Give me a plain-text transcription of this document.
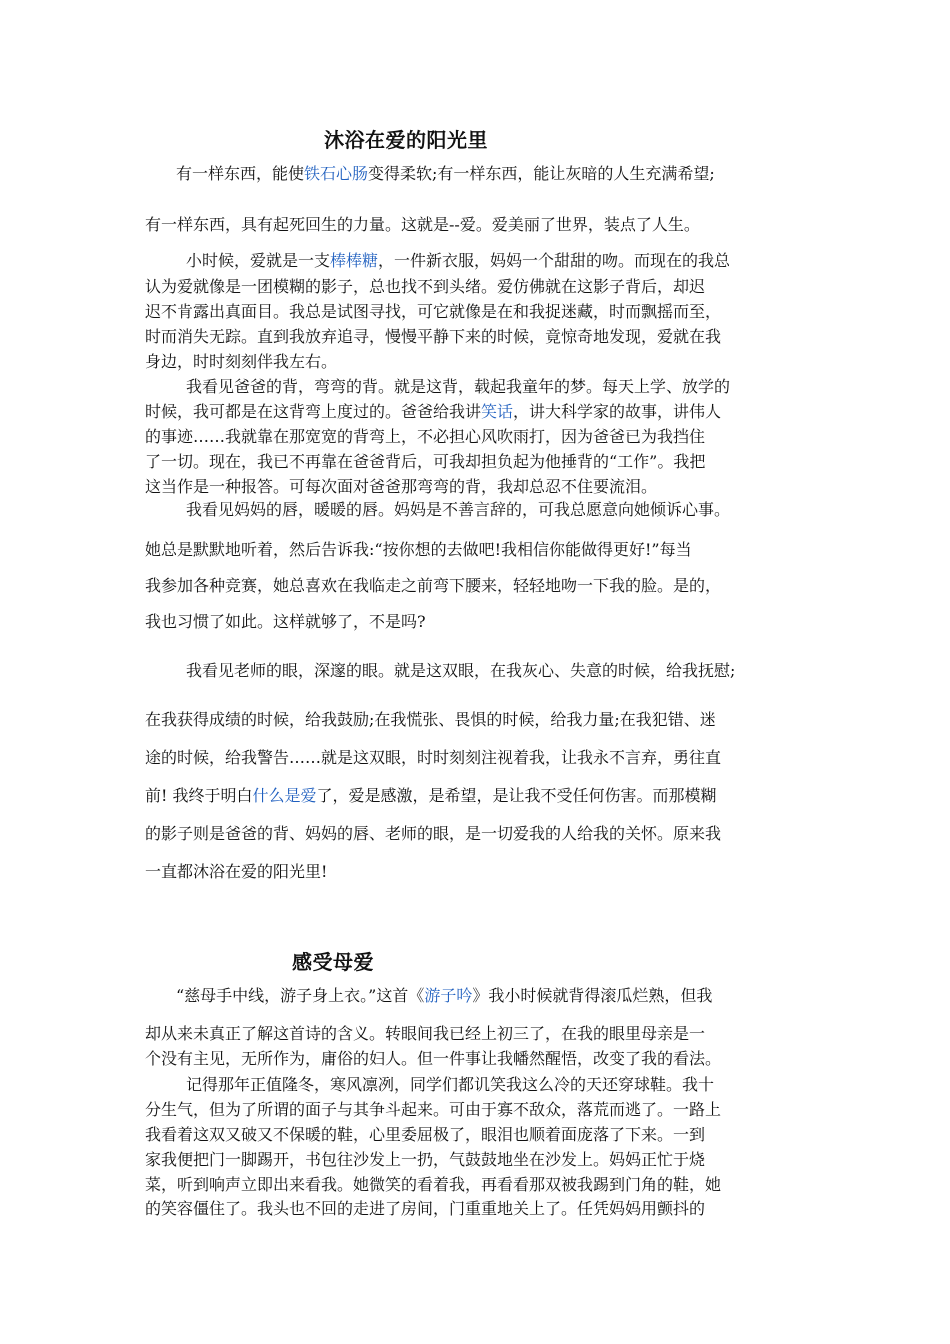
沐浴在爱的阳光里
有一样东西，能使铁石心肠变得柔软;有一样东西，能让灰暗的人生充满希望;
有一样东西，具有起死回生的力量。这就是--爱。爱美丽了世界，装点了人生。
小时候，爱就是一支棒棒糖，一件新衣服，妈妈一个甜甜的吻。而现在的我总
认为爱就像是一团模糊的影子，总也找不到头绪。爱仿佛就在这影子背后，却迟
迟不肯露出真面目。我总是试图寻找，可它就像是在和我捉迷藏，时而飘摇而至，
时而消失无踪。直到我放弃追寻，慢慢平静下来的时候，竟惊奇地发现，爱就在我
身边，时时刻刻伴我左右。
我看见爸爸的背，弯弯的背。就是这背，载起我童年的梦。每天上学、放学的
时候，我可都是在这背弯上度过的。爸爸给我讲笑话，讲大科学家的故事，讲伟人
的事迹……我就靠在那宽宽的背弯上，不必担心风吹雨打，因为爸爸已为我挡住
了一切。现在，我已不再靠在爸爸背后，可我却担负起为他捶背的“工作”。我把
这当作是一种报答。可每次面对爸爸那弯弯的背，我却总忍不住要流泪。
我看见妈妈的唇，暖暖的唇。妈妈是不善言辞的，可我总愿意向她倾诉心事。
她总是默默地听着，然后告诉我:“按你想的去做吧!我相信你能做得更好!”每当
我参加各种竞赛，她总喜欢在我临走之前弯下腰来，轻轻地吻一下我的脸。是的，
我也习惯了如此。这样就够了，不是吗?
我看见老师的眼，深邃的眼。就是这双眼，在我灰心、失意的时候，给我抚慰;
在我获得成绩的时候，给我鼓励;在我慌张、畏惧的时候，给我力量;在我犯错、迷
途的时候，给我警告……就是这双眼，时时刻刻注视着我，让我永不言弃，勇往直
前! 我终于明白什么是爱了，爱是感激，是希望，是让我不受任何伤害。而那模糊
的影子则是爸爸的背、妈妈的唇、老师的眼，是一切爱我的人给我的关怀。原来我
一直都沐浴在爱的阳光里!
感受母爱
“慈母手中线，游子身上衣。”这首《游子吟》我小时候就背得滚瓜烂熟，但我
却从来未真正了解这首诗的含义。转眼间我已经上初三了，在我的眼里母亲是一
个没有主见，无所作为，庸俗的妇人。但一件事让我幡然醒悟，改变了我的看法。
记得那年正值隆冬，寒风凛冽，同学们都讥笑我这么冷的天还穿球鞋。我十
分生气，但为了所谓的面子与其争斗起来。可由于寡不敌众，落荒而逃了。一路上
我看着这双又破又不保暖的鞋，心里委屈极了，眼泪也顺着面庞落了下来。一到
家我便把门一脚踢开，书包往沙发上一扔，气鼓鼓地坐在沙发上。妈妈正忙于烧
菜，听到响声立即出来看我。她微笑的看着我，再看看那双被我踢到门角的鞋，她
的笑容僵住了。我头也不回的走进了房间，门重重地关上了。任凭妈妈用颤抖的
